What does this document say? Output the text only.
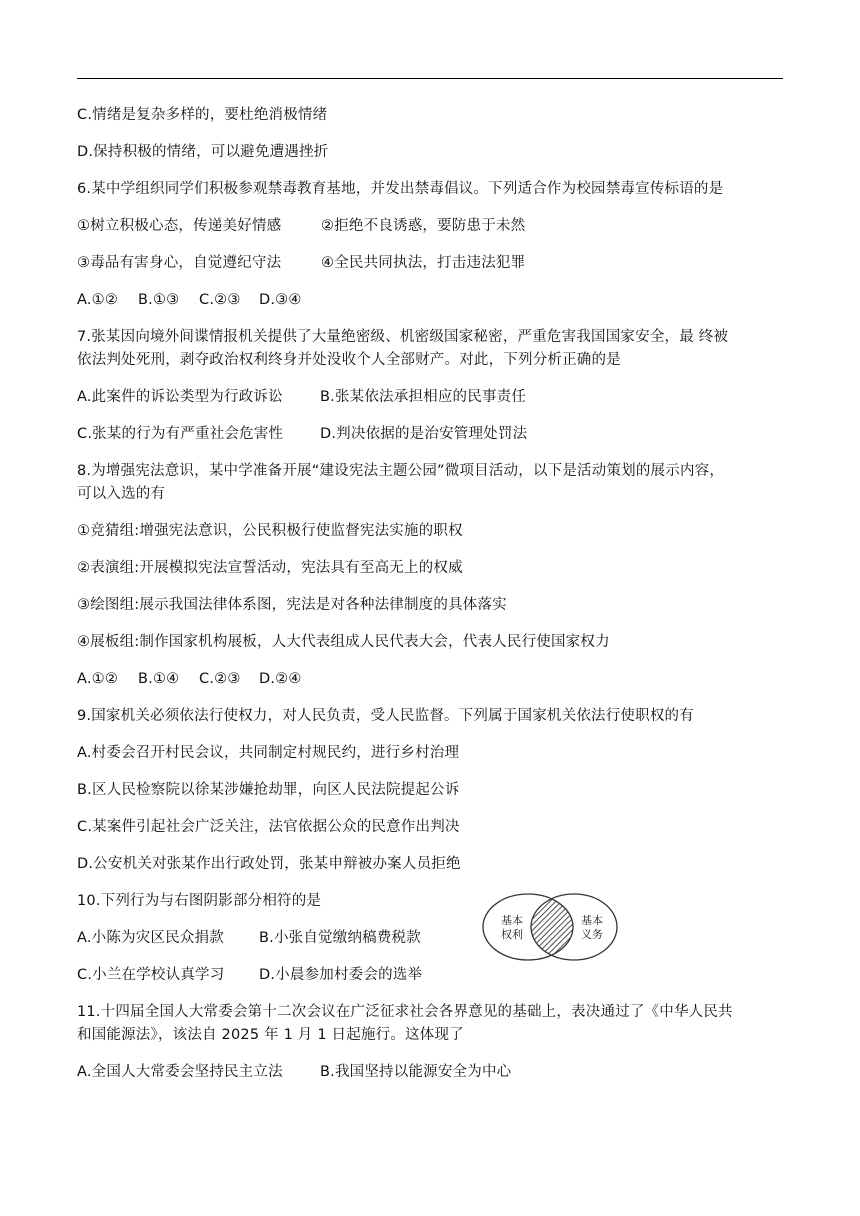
C.情绪是复杂多样的，要杜绝消极情绪
D.保持积极的情绪，可以避免遭遇挫折
6.某中学组织同学们积极参观禁毒教育基地，并发出禁毒倡议。下列适合作为校园禁毒宣传标语的是
①树立积极心态，传递美好情感	②拒绝不良诱惑，要防患于未然
③毒品有害身心，自觉遵纪守法	④全民共同执法，打击违法犯罪
A.①② B.①③ C.②③ D.③④
7.张某因向境外间谍情报机关提供了大量绝密级、机密级国家秘密，严重危害我国国家安全，最 终被
依法判处死刑，剥夺政治权利终身并处没收个人全部财产。对此，下列分析正确的是
A.此案件的诉讼类型为行政诉讼	B.张某依法承担相应的民事责任
C.张某的行为有严重社会危害性	D.判决依据的是治安管理处罚法
8.为增强宪法意识，某中学准备开展“建设宪法主题公园”微项目活动，以下是活动策划的展示内容，
可以入选的有
①竞猜组:增强宪法意识，公民积极行使监督宪法实施的职权
②表演组:开展模拟宪法宣誓活动，宪法具有至高无上的权威
③绘图组:展示我国法律体系图，宪法是对各种法律制度的具体落实
④展板组:制作国家机构展板，人大代表组成人民代表大会，代表人民行使国家权力
A.①② B.①④ C.②③ D.②④
9.国家机关必须依法行使权力，对人民负责，受人民监督。下列属于国家机关依法行使职权的有
A.村委会召开村民会议，共同制定村规民约，进行乡村治理
B.区人民检察院以徐某涉嫌抢劫罪，向区人民法院提起公诉
C.某案件引起社会广泛关注，法官依据公众的民意作出判决
D.公安机关对张某作出行政处罚，张某申辩被办案人员拒绝
10.下列行为与右图阴影部分相符的是
A.小陈为灾区民众捐款 B.小张自觉缴纳稿费税款
C.小兰在学校认真学习 D.小晨参加村委会的选举
11.十四届全国人大常委会第十二次会议在广泛征求社会各界意见的基础上，表决通过了《中华人民共
和国能源法》，该法自 2025 年 1 月 1 日起施行。这体现了
A.全国人大常委会坚持民主立法	B.我国坚持以能源安全为中心
基本
权利
基本
义务
